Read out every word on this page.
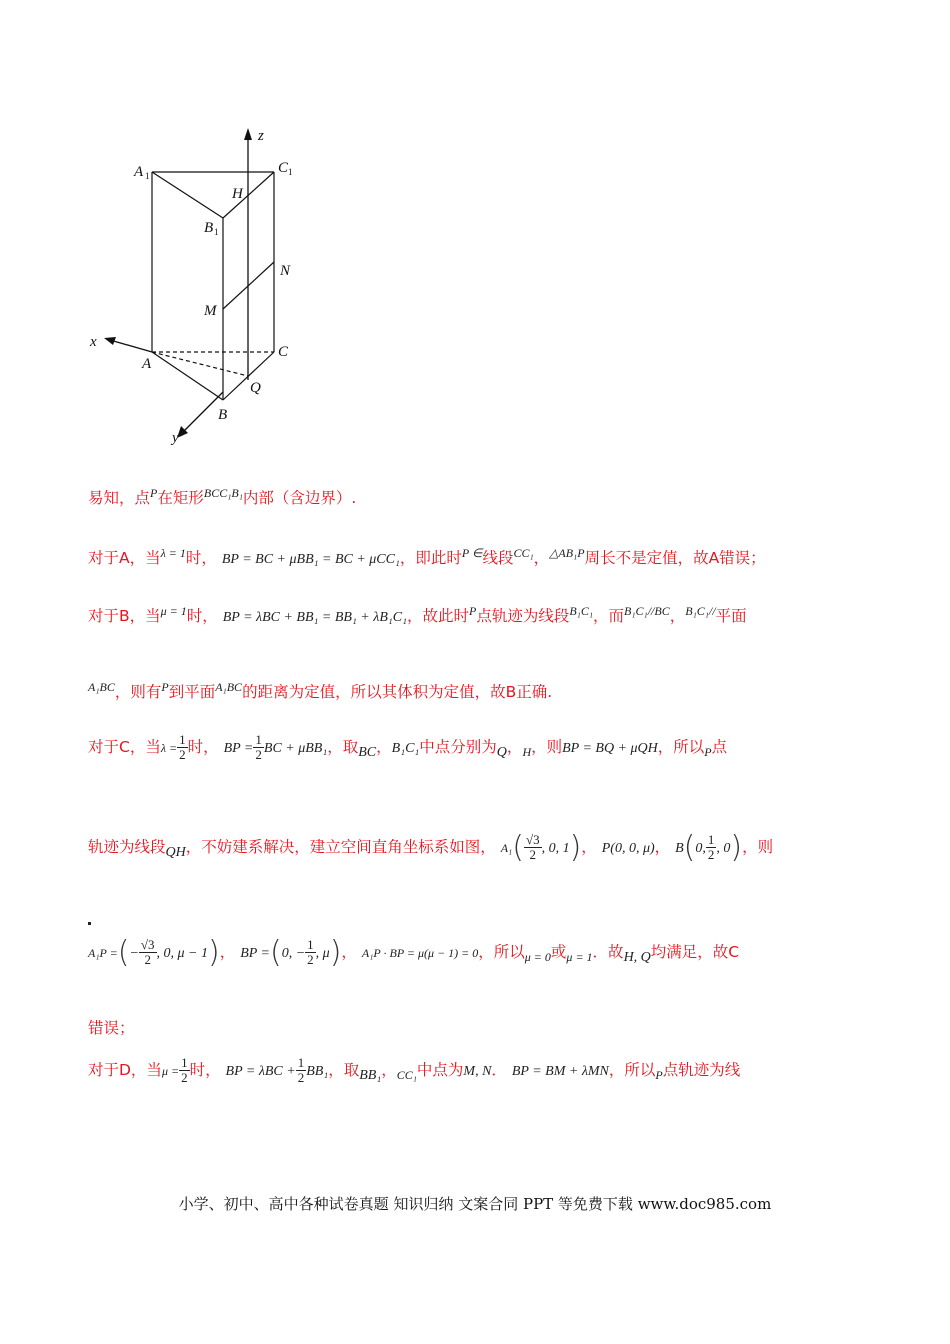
z
x
y
A 1	C 1
H
B 1
N
M
A
C
Q
B
易知，点$^P$在矩形$^{BCC_1B_1}$内部（含边界）.
对于A，当$^{\lambda = 1}$时， BP = BC + μBB₁ = BC + μCC₁，即此时$^{P \in}$线段$^{CC_1}$，$^{\triangle AB_1P}$周长不是定值，故A错误；
对于B，当$^{\mu = 1}$时， BP = λBC + BB₁ = BB₁ + λB₁C₁，故此时$^P$点轨迹为线段$^{B_1C_1}$，而$^{B_1C_1//BC}$，$^{B_1C_1//}$平面
$^{A_1BC}$，则有$^P$到平面$^{A_1BC}$的距离为定值，所以其体积为定值，故B正确.
对于C，当$\lambda = \frac{1}{2}$ 时， BP = $\frac{1}{2}$ BC + μBB₁，取$_{BC}$，B₁C₁中点分别为$_Q$，$_H$，则BP = BQ + μQH，所以$_P$点
轨迹为线段$_{QH}$，不妨建系解决，建立空间直角坐标系如图， $A_1( \frac{√3}{2}$ , 0, 1)， P(0, 0, μ)， B(0, $\frac{1}{2}$ , 0)，则
A₁P =(− $\frac{√3}{2}$ , 0, μ − 1)， BP =(0, − $\frac{1}{2}$ , μ)， A₁P · BP = μ(μ − 1) = 0，所以$_{\mu = 0}$或$_{\mu = 1}$．故$_{H, Q}$均满足，故C
错误；
对于D，当$\mu = \frac{1}{2}$ 时， BP = $\lambda BC + \frac{1}{2} BB_1$，取$_{BB_1}$，$_{CC_1}$中点为M, N． BP = BM + λMN，所以$_P$点轨迹为线
小学、初中、高中各种试卷真题 知识归纳 文案合同 PPT 等免费下载 www.doc985.com
